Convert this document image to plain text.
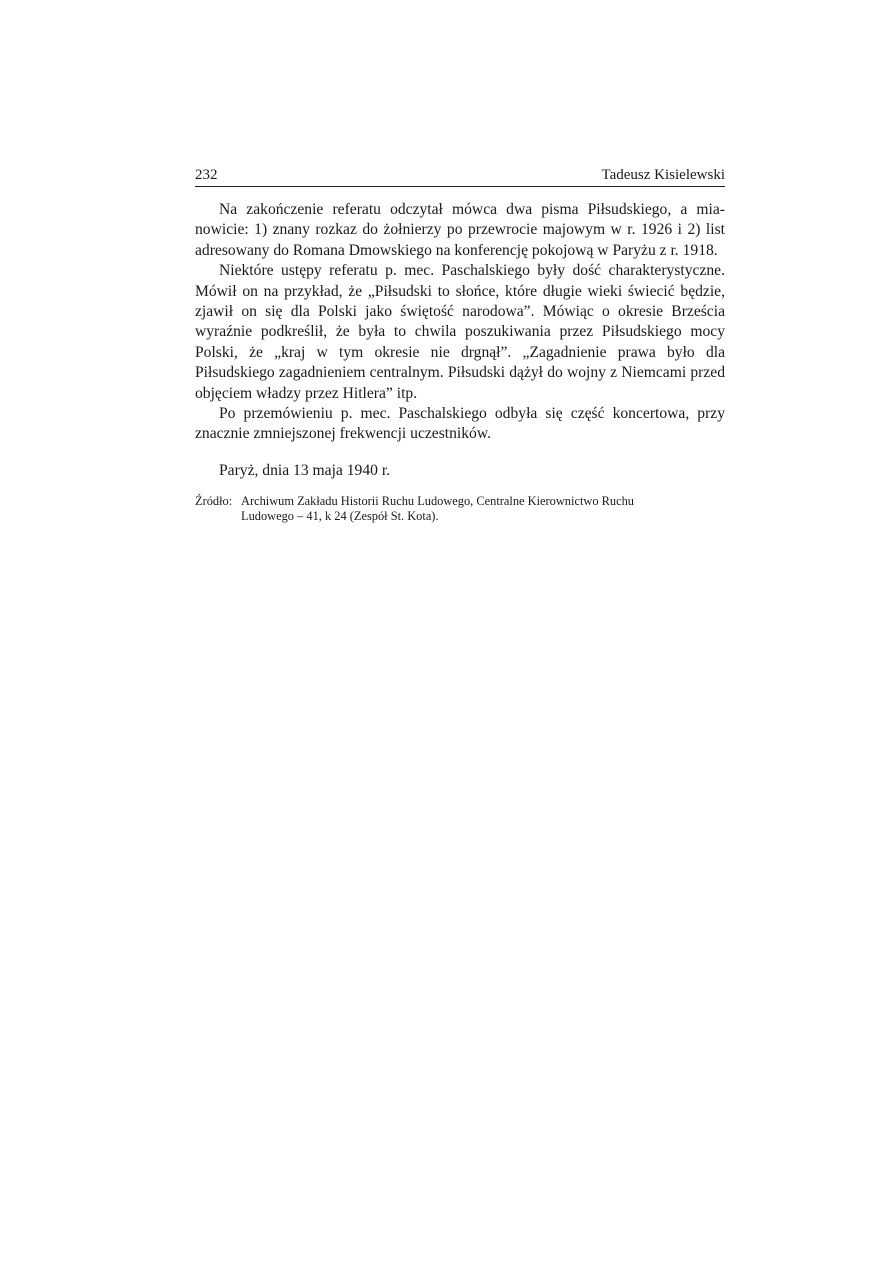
232	Tadeusz Kisielewski

Na zakończenie referatu odczytał mówca dwa pisma Piłsudskiego, a mianowicie: 1) znany rozkaz do żołnierzy po przewrocie majowym w r. 1926 i 2) list adresowany do Romana Dmowskiego na konferencję pokojową w Paryżu z r. 1918.

Niektóre ustępy referatu p. mec. Paschalskiego były dość charakterystyczne. Mówił on na przykład, że „Piłsudski to słońce, które długie wieki świecić będzie, zjawił on się dla Polski jako świętość narodowa”. Mówiąc o okresie Brześcia wyraźnie podkreślił, że była to chwila poszukiwania przez Piłsudskiego mocy Polski, że „kraj w tym okresie nie drgnął”. „Zagadnienie prawa było dla Piłsudskiego zagadnieniem centralnym. Piłsudski dążył do wojny z Niemcami przed objęciem władzy przez Hitlera” itp.

Po przemówieniu p. mec. Paschalskiego odbyła się część koncertowa, przy znacznie zmniejszonej frekwencji uczestników.

Paryż, dnia 13 maja 1940 r.
Źródło: Archiwum Zakładu Historii Ruchu Ludowego, Centralne Kierownictwo Ruchu Ludowego – 41, k 24 (Zespół St. Kota).
